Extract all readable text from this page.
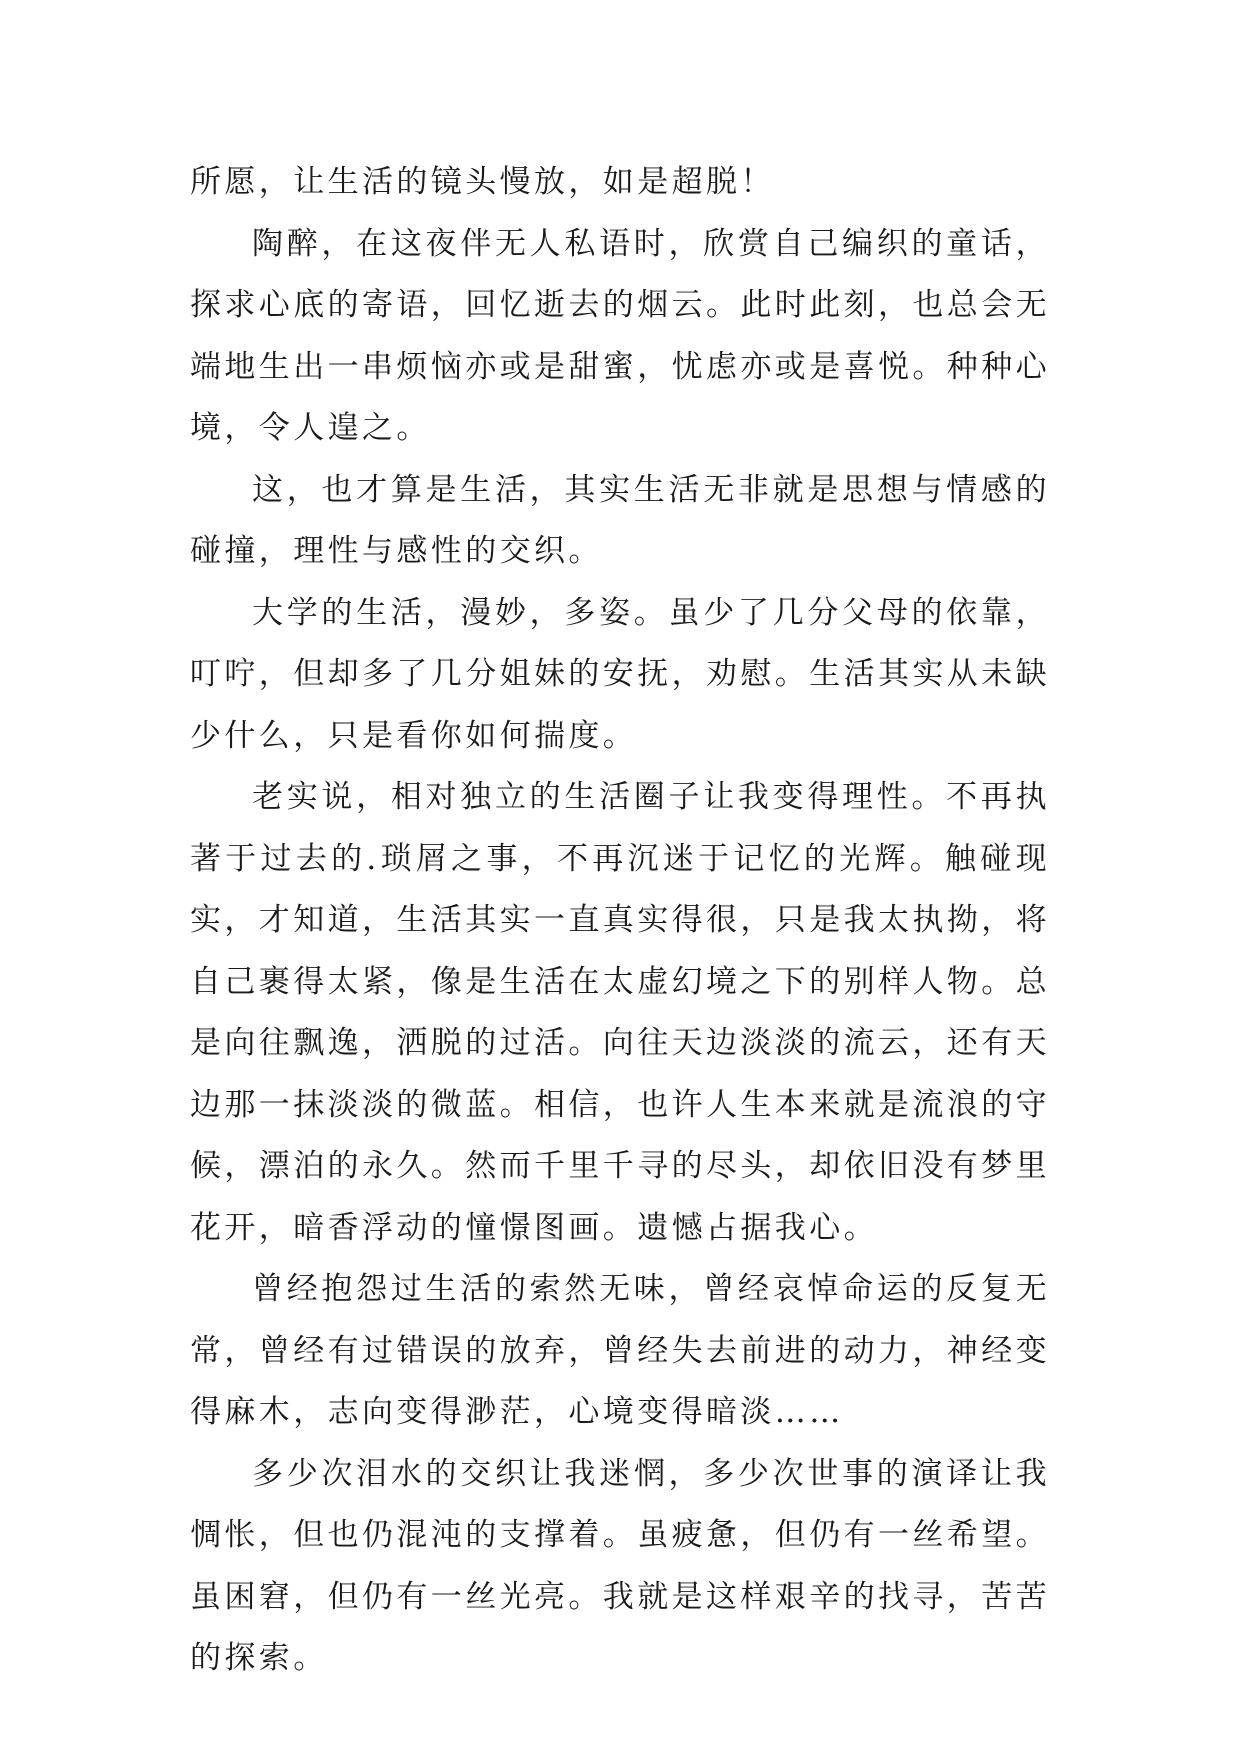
所愿，让生活的镜头慢放，如是超脱！

陶醉，在这夜伴无人私语时，欣赏自己编织的童话，探求心底的寄语，回忆逝去的烟云。此时此刻，也总会无端地生出一串烦恼亦或是甜蜜，忧虑亦或是喜悦。种种心境，令人遑之。

这，也才算是生活，其实生活无非就是思想与情感的碰撞，理性与感性的交织。

大学的生活，漫妙，多姿。虽少了几分父母的依靠，叮咛，但却多了几分姐妹的安抚，劝慰。生活其实从未缺少什么，只是看你如何揣度。

老实说，相对独立的生活圈子让我变得理性。不再执著于过去的.琐屑之事，不再沉迷于记忆的光辉。触碰现实，才知道，生活其实一直真实得很，只是我太执拗，将自己裹得太紧，像是生活在太虚幻境之下的别样人物。总是向往飘逸，洒脱的过活。向往天边淡淡的流云，还有天边那一抹淡淡的微蓝。相信，也许人生本来就是流浪的守候，漂泊的永久。然而千里千寻的尽头，却依旧没有梦里花开，暗香浮动的憧憬图画。遗憾占据我心。

曾经抱怨过生活的索然无味，曾经哀悼命运的反复无常，曾经有过错误的放弃，曾经失去前进的动力，神经变得麻木，志向变得渺茫，心境变得暗淡……

多少次泪水的交织让我迷惘，多少次世事的演译让我惆怅，但也仍混沌的支撑着。虽疲惫，但仍有一丝希望。虽困窘，但仍有一丝光亮。我就是这样艰辛的找寻，苦苦的探索。
